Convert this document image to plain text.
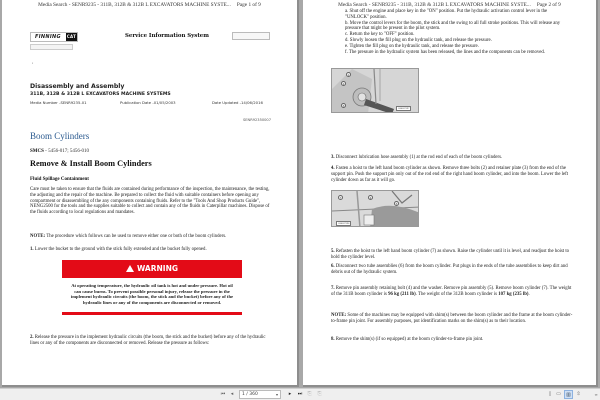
Media Search - SENR9235 - 311B, 312B & 312B L EXCAVATORS MACHINE SYSTE... Page 1 of 9
FINNING CAT	Service Information System
‹
Disassembly and Assembly
311B, 312B & 312B L EXCAVATORS MACHINE SYSTEMS
Media Number -SENR9235-01	Publication Date -01/05/2003	Date Updated -14/06/2016
SENR92350007
Boom Cylinders
SMCS - 5456-017; 5456-010
Remove & Install Boom Cylinders
Fluid Spillage Containment
Care must be taken to ensure that the fluids are contained during performance of the inspection, the maintenance, the testing, the adjusting and the repair of the machine. Be prepared to collect the fluid with suitable containers before opening any compartment or disassembling of the any components containing fluids. Refer to the "Tools And Shop Products Guide", NENG2500 for the tools and the supplies suitable to collect and contain any of the fluids in Caterpillar machines. Dispose of the fluids according to local regulations and mandates.
NOTE: The procedure which follows can be used to remove either one or both of the boom cylinders.
1. Lower the bucket to the ground with the stick fully extended and the bucket fully opened.
WARNING
At operating temperature, the hydraulic oil tank is hot and under pressure. Hot oil can cause burns. To prevent possible personal injury, release the pressure in the implement hydraulic circuits (the boom, the stick and the bucket) before any of the hydraulic lines or any of the components are disconnected or removed.
2. Release the pressure in the implement hydraulic circuits (the boom, the stick and the bucket) before any of the hydraulic lines or any of the components are disconnected or removed. Release the pressure as follows:
Media Search - SENR9235 - 311B, 312B & 312B L EXCAVATORS MACHINE SYSTE... Page 2 of 9
a. Shut off the engine and place key in the "ON" position. Put the hydraulic activation control lever in the "UNLOCK" position.
b. Move the control levers for the boom, the stick and the swing to all full stroke positions. This will release any pressure that might be present in the pilot system.
c. Return the key to "OFF" position.
d. Slowly loosen the fill plug on the hydraulic tank, and release the pressure.
e. Tighten the fill plug on the hydraulic tank, and release the pressure.
f. The pressure in the hydraulic system has been released, the lines and the components can be removed.
1
2
3
G00037397
3. Disconnect lubrication hose assembly (1) at the rod end of each of the boom cylinders.
4. Fasten a hoist to the left hand boom cylinder as shown. Remove three bolts (2) and retainer plate (3) from the end of the support pin. Push the support pin only out of the rod end of the right hand boom cylinder, and into the boom. Lower the left cylinder down as far as it will go.
7	4
5
G00037398
5. Refasten the hoist to the left hand boom cylinder (7) as shown. Raise the cylinder until it is level, and readjust the hoist to hold the cylinder level.
6. Disconnect two tube assemblies (6) from the boom cylinder. Put plugs in the ends of the tube assemblies to keep dirt and debris out of the hydraulic system.
7. Remove pin assembly retaining bolt (4) and the washer. Remove pin assembly (5). Remove boom cylinder (7). The weight of the 311B boom cylinder is 96 kg (211 lb). The weight of the 312B boom cylinder is 107 kg (235 lb).
NOTE: Some of the machines may be equipped with shim(s) between the boom cylinder and the frame at the boom cylinder-to-frame pin joint. For assembly purposes, put identification marks on the shim(s) as to their location.
8. Remove the shim(s) (if so equipped) at the boom cylinder-to-frame pin joint.
⏮	◂	1 / 360	▾	▸	⏭	⎘	⎘	▯ ▭	▥	⇳	∞
